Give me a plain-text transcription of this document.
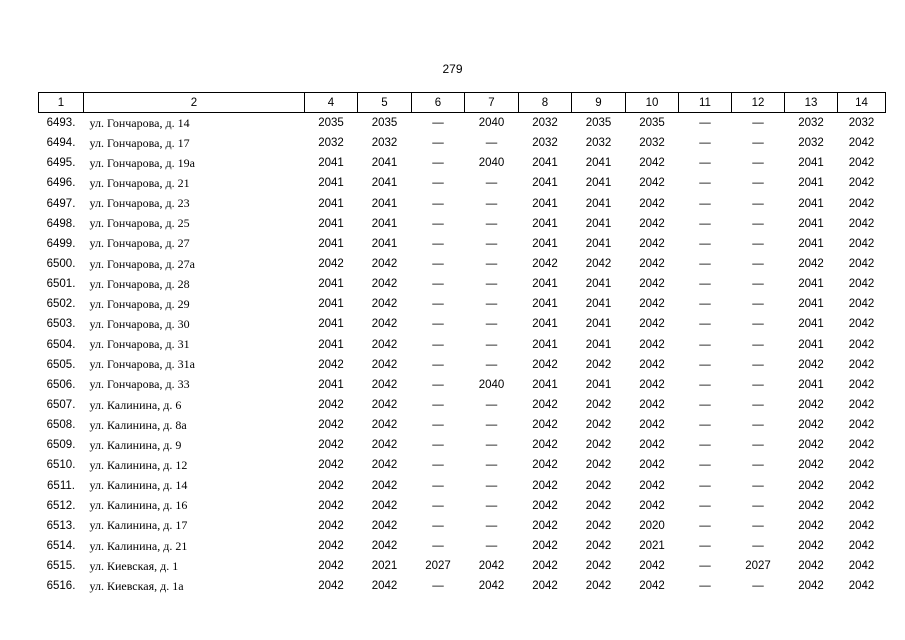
279
1	2	4	5	6	7	8	9	10	11	12	13	14
6493.	ул. Гончарова, д. 14	2035	2035	—	2040	2032	2035	2035	—	—	2032	2032
6494.	ул. Гончарова, д. 17	2032	2032	—	—	2032	2032	2032	—	—	2032	2042
6495.	ул. Гончарова, д. 19а	2041	2041	—	2040	2041	2041	2042	—	—	2041	2042
6496.	ул. Гончарова, д. 21	2041	2041	—	—	2041	2041	2042	—	—	2041	2042
6497.	ул. Гончарова, д. 23	2041	2041	—	—	2041	2041	2042	—	—	2041	2042
6498.	ул. Гончарова, д. 25	2041	2041	—	—	2041	2041	2042	—	—	2041	2042
6499.	ул. Гончарова, д. 27	2041	2041	—	—	2041	2041	2042	—	—	2041	2042
6500.	ул. Гончарова, д. 27а	2042	2042	—	—	2042	2042	2042	—	—	2042	2042
6501.	ул. Гончарова, д. 28	2041	2042	—	—	2041	2041	2042	—	—	2041	2042
6502.	ул. Гончарова, д. 29	2041	2042	—	—	2041	2041	2042	—	—	2041	2042
6503.	ул. Гончарова, д. 30	2041	2042	—	—	2041	2041	2042	—	—	2041	2042
6504.	ул. Гончарова, д. 31	2041	2042	—	—	2041	2041	2042	—	—	2041	2042
6505.	ул. Гончарова, д. 31а	2042	2042	—	—	2042	2042	2042	—	—	2042	2042
6506.	ул. Гончарова, д. 33	2041	2042	—	2040	2041	2041	2042	—	—	2041	2042
6507.	ул. Калинина, д. 6	2042	2042	—	—	2042	2042	2042	—	—	2042	2042
6508.	ул. Калинина, д. 8а	2042	2042	—	—	2042	2042	2042	—	—	2042	2042
6509.	ул. Калинина, д. 9	2042	2042	—	—	2042	2042	2042	—	—	2042	2042
6510.	ул. Калинина, д. 12	2042	2042	—	—	2042	2042	2042	—	—	2042	2042
6511.	ул. Калинина, д. 14	2042	2042	—	—	2042	2042	2042	—	—	2042	2042
6512.	ул. Калинина, д. 16	2042	2042	—	—	2042	2042	2042	—	—	2042	2042
6513.	ул. Калинина, д. 17	2042	2042	—	—	2042	2042	2020	—	—	2042	2042
6514.	ул. Калинина, д. 21	2042	2042	—	—	2042	2042	2021	—	—	2042	2042
6515.	ул. Киевская, д. 1	2042	2021	2027	2042	2042	2042	2042	—	2027	2042	2042
6516.	ул. Киевская, д. 1а	2042	2042	—	2042	2042	2042	2042	—	—	2042	2042
